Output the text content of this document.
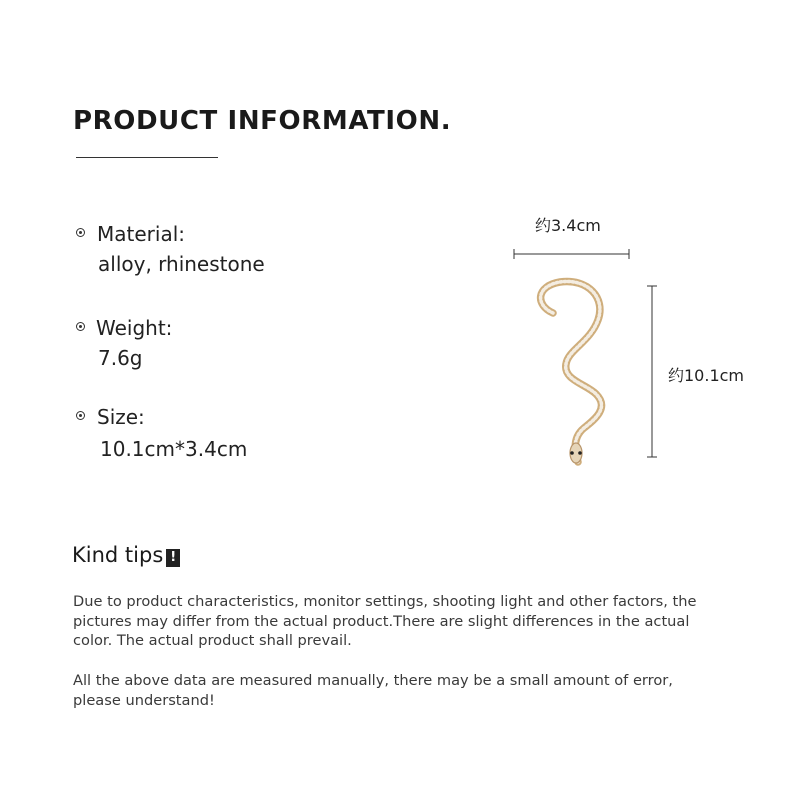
PRODUCT INFORMATION.
Material:
alloy, rhinestone
Weight:
7.6g
Size:
10.1cm*3.4cm
约3.4cm
约10.1cm
Kind tips !
Due to product characteristics, monitor settings, shooting light and other factors, the pictures may differ from the actual product.There are slight differences in the actual color. The actual product shall prevail.
All the above data are measured manually, there may be a small amount of error, please understand!
